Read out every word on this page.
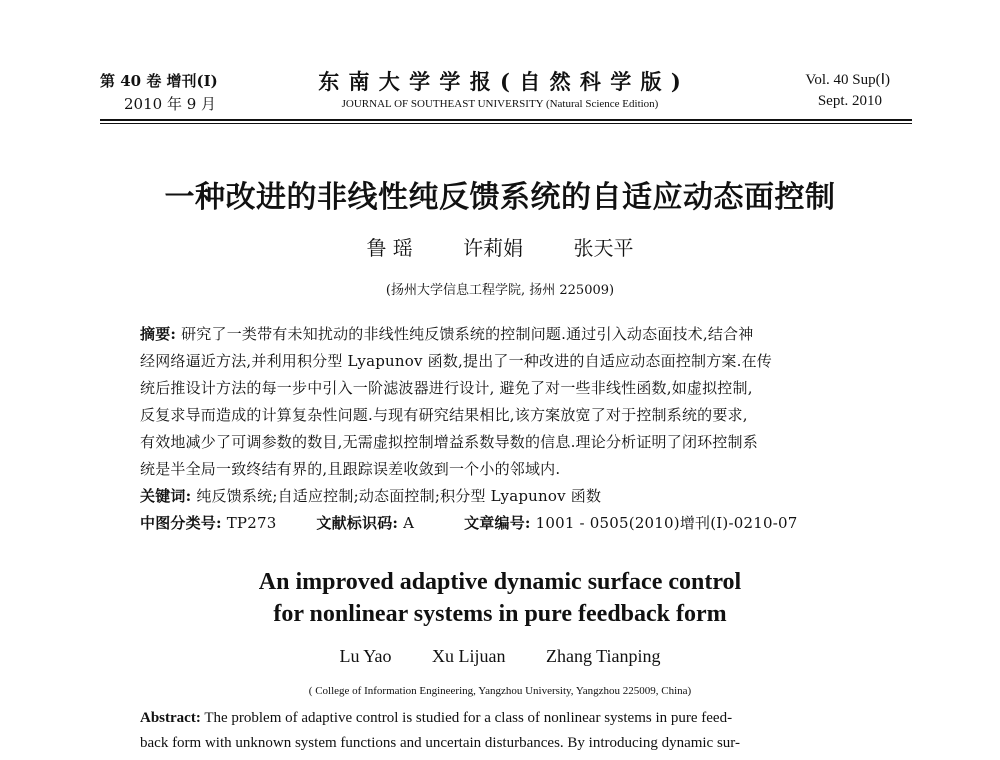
第 40 卷 增刊(Ⅰ)
2010 年 9 月
东 南 大 学 学 报 ( 自 然 科 学 版 )
JOURNAL OF SOUTHEAST UNIVERSITY (Natural Science Edition)
Vol. 40 Sup(Ⅰ)
Sept. 2010
一种改进的非线性纯反馈系统的自适应动态面控制
鲁 瑶	许莉娟	张天平
(扬州大学信息工程学院, 扬州 225009)
摘要: 研究了一类带有未知扰动的非线性纯反馈系统的控制问题.通过引入动态面技术,结合神
经网络逼近方法,并利用积分型 Lyapunov 函数,提出了一种改进的自适应动态面控制方案.在传
统后推设计方法的每一步中引入一阶滤波器进行设计, 避免了对一些非线性函数,如虚拟控制,
反复求导而造成的计算复杂性问题.与现有研究结果相比,该方案放宽了对于控制系统的要求,
有效地减少了可调参数的数目,无需虚拟控制增益系数导数的信息.理论分析证明了闭环控制系
统是半全局一致终结有界的,且跟踪误差收敛到一个小的邻域内.
关键词: 纯反馈系统;自适应控制;动态面控制;积分型 Lyapunov 函数
中图分类号: TP273	文献标识码: A	文章编号: 1001 - 0505(2010)增刊(Ⅰ)-0210-07
An improved adaptive dynamic surface control
for nonlinear systems in pure feedback form
Lu Yao Xu Lijuan Zhang Tianping
( College of Information Engineering, Yangzhou University, Yangzhou 225009, China)
Abstract: The problem of adaptive control is studied for a class of nonlinear systems in pure feed-
back form with unknown system functions and uncertain disturbances. By introducing dynamic sur-
